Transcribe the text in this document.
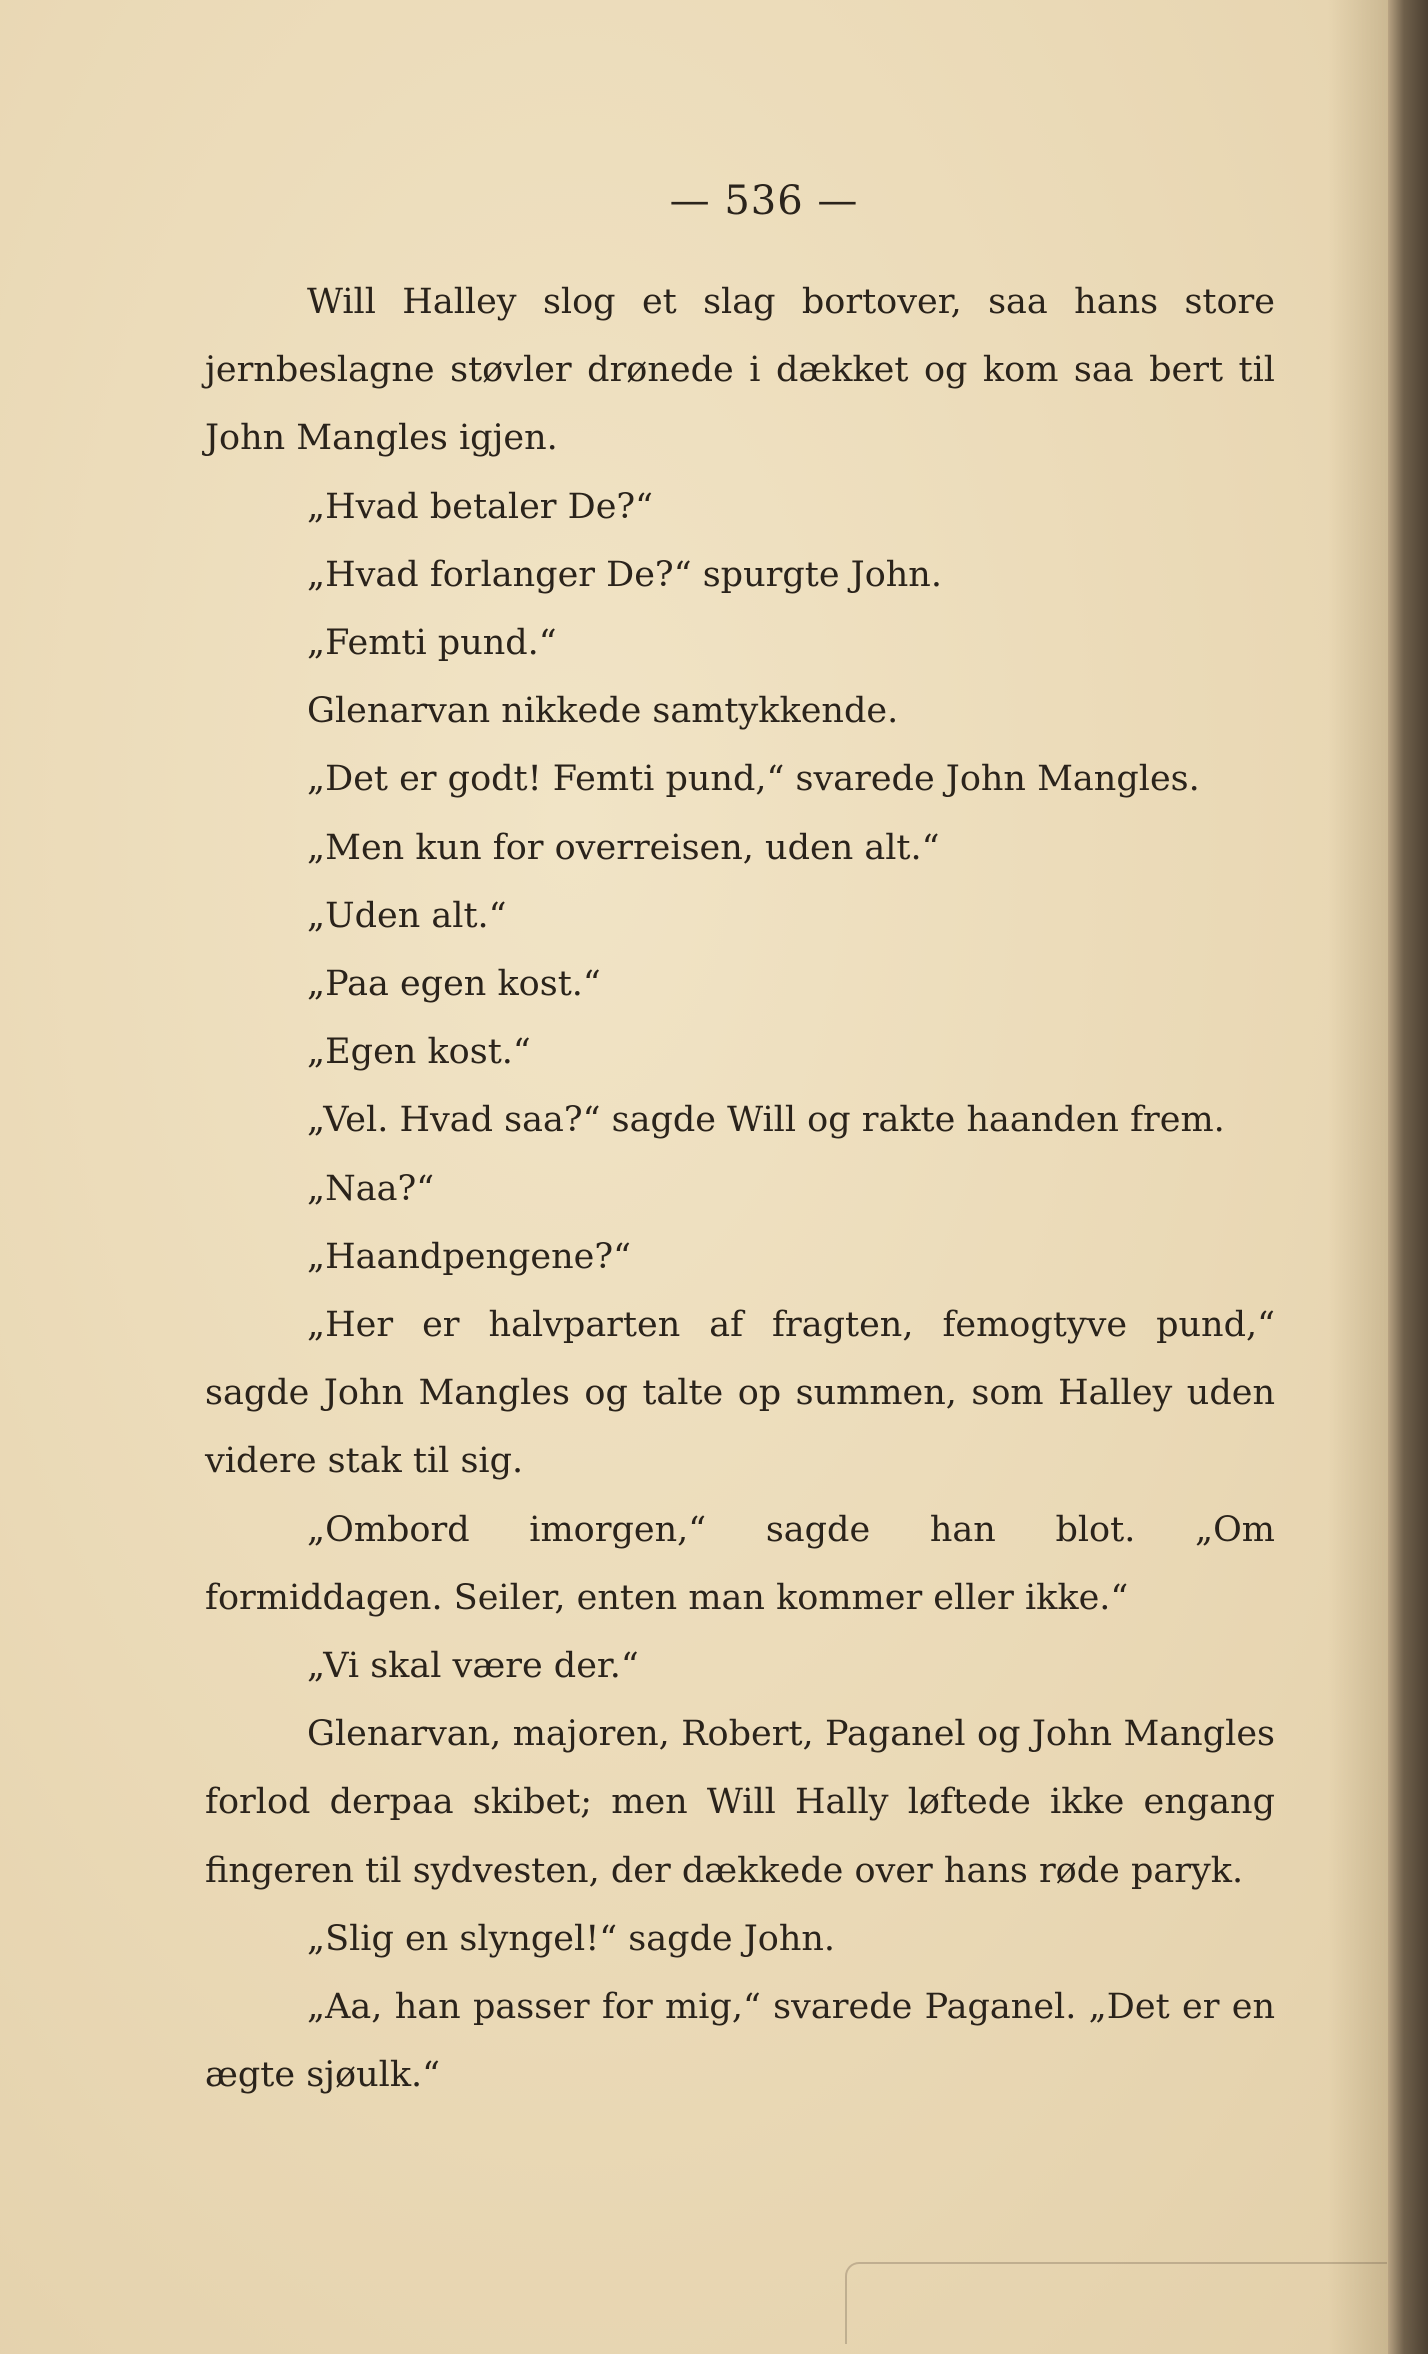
— 536 —

Will Halley slog et slag bortover, saa hans store jernbeslagne støvler drønede i dækket og kom saa bert til John Mangles igjen.

„Hvad betaler De?“

„Hvad forlanger De?“ spurgte John.

„Femti pund.“

Glenarvan nikkede samtykkende.

„Det er godt! Femti pund,“ svarede John Mangles.

„Men kun for overreisen, uden alt.“

„Uden alt.“

„Paa egen kost.“

„Egen kost.“

„Vel. Hvad saa?“ sagde Will og rakte haanden frem.

„Naa?“

„Haandpengene?“

„Her er halvparten af fragten, femogtyve pund,“ sagde John Mangles og talte op summen, som Halley uden videre stak til sig.

„Ombord imorgen,“ sagde han blot. „Om formiddagen. Seiler, enten man kommer eller ikke.“

„Vi skal være der.“

Glenarvan, majoren, Robert, Paganel og John Mangles forlod derpaa skibet; men Will Hally løftede ikke engang fingeren til sydvesten, der dækkede over hans røde paryk.

„Slig en slyngel!“ sagde John.

„Aa, han passer for mig,“ svarede Paganel. „Det er en ægte sjøulk.“
